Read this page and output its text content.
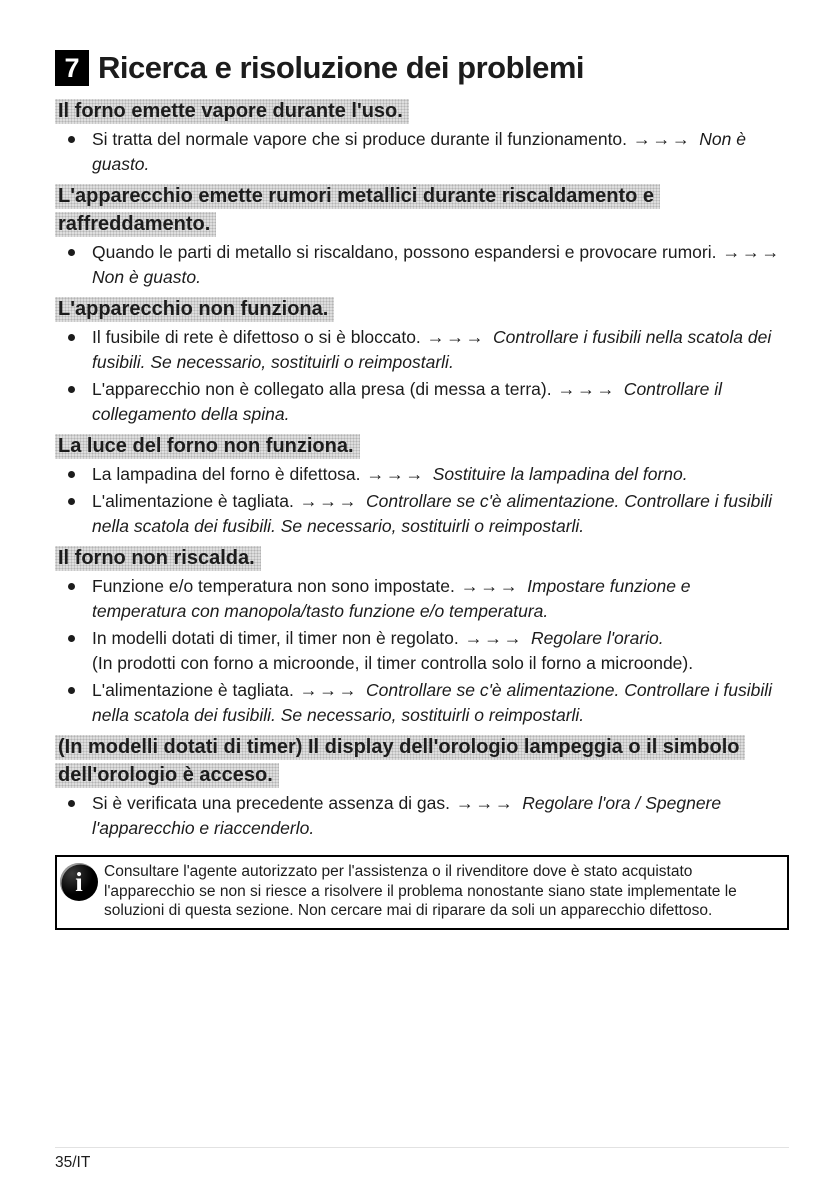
7 Ricerca e risoluzione dei problemi
Il forno emette vapore durante l'uso.
Si tratta del normale vapore che si produce durante il funzionamento. →→→ Non è guasto.
L'apparecchio emette rumori metallici durante riscaldamento e raffreddamento.
Quando le parti di metallo si riscaldano, possono espandersi e provocare rumori. →→→ Non è guasto.
L'apparecchio non funziona.
Il fusibile di rete è difettoso o si è bloccato. →→→ Controllare i fusibili nella scatola dei fusibili. Se necessario, sostituirli o reimpostarli.
L'apparecchio non è collegato alla presa (di messa a terra). →→→ Controllare il collegamento della spina.
La luce del forno non funziona.
La lampadina del forno è difettosa. →→→ Sostituire la lampadina del forno.
L'alimentazione è tagliata. →→→ Controllare se c'è alimentazione. Controllare i fusibili nella scatola dei fusibili. Se necessario, sostituirli o reimpostarli.
Il forno non riscalda.
Funzione e/o temperatura non sono impostate. →→→ Impostare funzione e temperatura con manopola/tasto funzione e/o temperatura.
In modelli dotati di timer, il timer non è regolato. →→→ Regolare l'orario.
(In prodotti con forno a microonde, il timer controlla solo il forno a microonde).
L'alimentazione è tagliata. →→→ Controllare se c'è alimentazione. Controllare i fusibili nella scatola dei fusibili. Se necessario, sostituirli o reimpostarli.
(In modelli dotati di timer) Il display dell'orologio lampeggia o il simbolo dell'orologio è acceso.
Si è verificata una precedente assenza di gas. →→→ Regolare l'ora / Spegnere l'apparecchio e riaccenderlo.
i	Consultare l'agente autorizzato per l'assistenza o il rivenditore dove è stato acquistato l'apparecchio se non si riesce a risolvere il problema nonostante siano state implementate le soluzioni di questa sezione. Non cercare mai di riparare da soli un apparecchio difettoso.
35/IT
